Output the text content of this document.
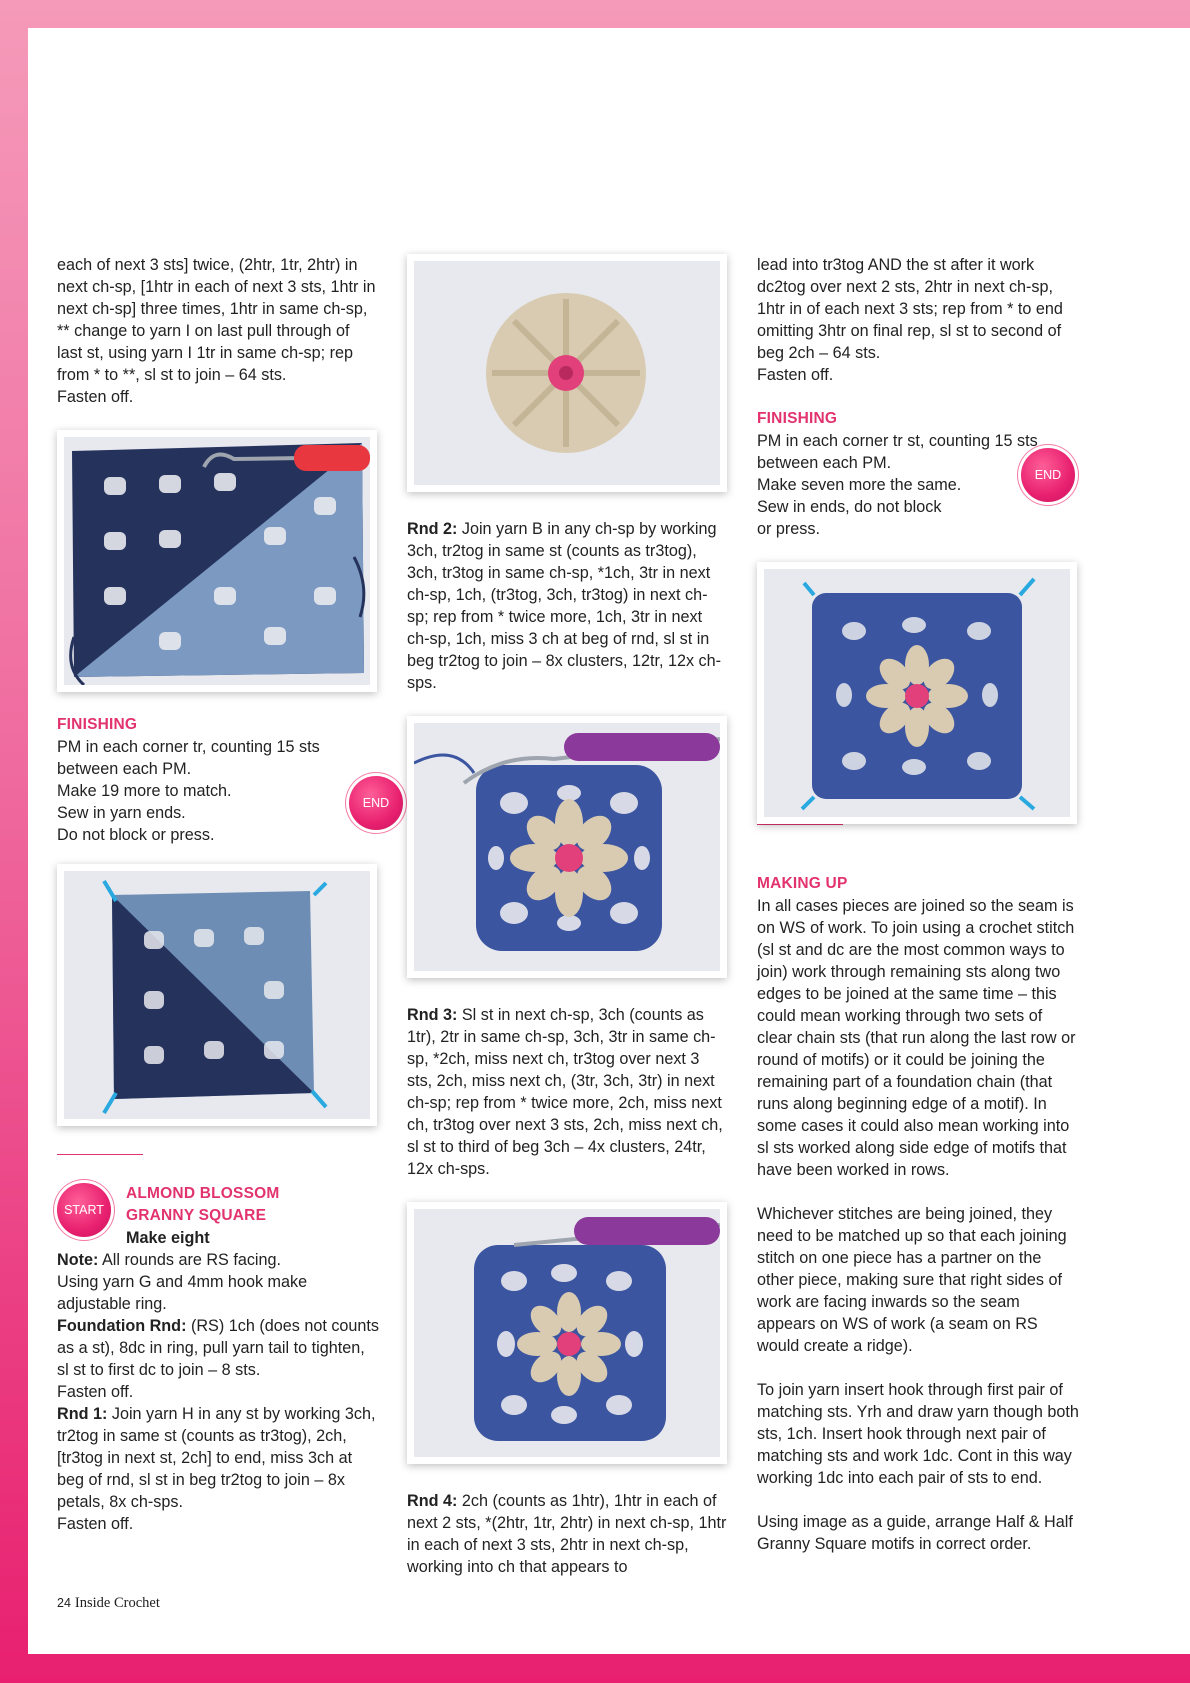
each of next 3 sts] twice, (2htr, 1tr, 2htr) in next ch-sp, [1htr in each of next 3 sts, 1htr in next ch-sp] three times, 1htr in same ch-sp, ** change to yarn I on last pull through of last st, using yarn I 1tr in same ch-sp; rep from * to **, sl st to join – 64 sts.

Fasten off.

FINISHING

PM in each corner tr, counting 15 sts between each PM.

Make 19 more to match.

Sew in yarn ends.

Do not block or press.

END
START

ALMOND BLOSSOM

GRANNY SQUARE

Make eight

Note: All rounds are RS facing.

Using yarn G and 4mm hook make adjustable ring.

Foundation Rnd: (RS) 1ch (does not counts as a st), 8dc in ring, pull yarn tail to tighten, sl st to first dc to join – 8 sts.

Fasten off.

Rnd 1: Join yarn H in any st by working 3ch, tr2tog in same st (counts as tr3tog), 2ch, [tr3tog in next st, 2ch] to end, miss 3ch at beg of rnd, sl st in beg tr2tog to join – 8x petals, 8x ch-sps.

Fasten off.

Rnd 2: Join yarn B in any ch-sp by working 3ch, tr2tog in same st (counts as tr3tog), 3ch, tr3tog in same ch-sp, *1ch, 3tr in next ch-sp, 1ch, (tr3tog, 3ch, tr3tog) in next ch-sp; rep from * twice more, 1ch, 3tr in next ch-sp, 1ch, miss 3 ch at beg of rnd, sl st in beg tr2tog to join – 8x clusters, 12tr, 12x ch-sps.

Rnd 3: Sl st in next ch-sp, 3ch (counts as 1tr), 2tr in same ch-sp, 3ch, 3tr in same ch-sp, *2ch, miss next ch, tr3tog over next 3 sts, 2ch, miss next ch, (3tr, 3ch, 3tr) in next ch-sp; rep from * twice more, 2ch, miss next ch, tr3tog over next 3 sts, 2ch, miss next ch, sl st to third of beg 3ch – 4x clusters, 24tr, 12x ch-sps.

Rnd 4: 2ch (counts as 1htr), 1htr in each of next 2 sts, *(2htr, 1tr, 2htr) in next ch-sp, 1htr in each of next 3 sts, 2htr in next ch-sp, working into ch that appears to

lead into tr3tog AND the st after it work dc2tog over next 2 sts, 2htr in next ch-sp, 1htr in of each next 3 sts; rep from * to end omitting 3htr on final rep, sl st to second of beg 2ch – 64 sts.

Fasten off.

FINISHING

PM in each corner tr st, counting 15 sts between each PM.

Make seven more the same.

Sew in ends, do not block

or press.

END

MAKING UP

In all cases pieces are joined so the seam is on WS of work. To join using a crochet stitch (sl st and dc are the most common ways to join) work through remaining sts along two edges to be joined at the same time – this could mean working through two sets of clear chain sts (that run along the last row or round of motifs) or it could be joining the remaining part of a foundation chain (that runs along beginning edge of a motif). In some cases it could also mean working into sl sts worked along side edge of motifs that have been worked in rows.

Whichever stitches are being joined, they need to be matched up so that each joining stitch on one piece has a partner on the other piece, making sure that right sides of work are facing inwards so the seam appears on WS of work (a seam on RS would create a ridge).

To join yarn insert hook through first pair of matching sts. Yrh and draw yarn though both sts, 1ch. Insert hook through next pair of matching sts and work 1dc. Cont in this way working 1dc into each pair of sts to end.

Using image as a guide, arrange Half & Half Granny Square motifs in correct order.

24 Inside Crochet
